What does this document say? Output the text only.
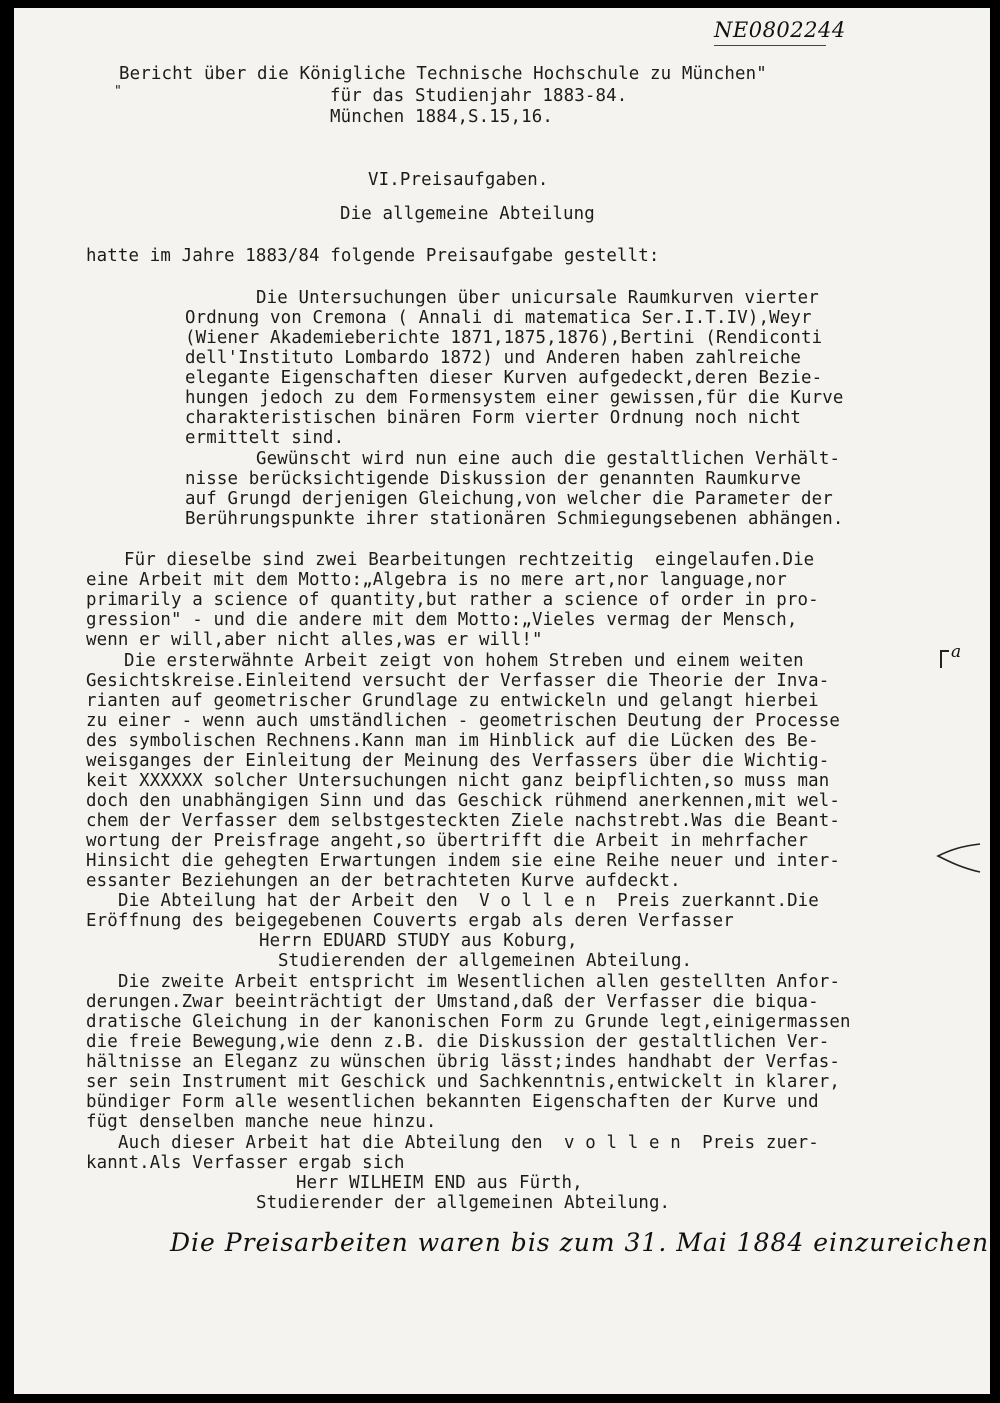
NE0802244
Bericht über die Königliche Technische Hochschule zu München"
"	für das Studienjahr 1883-84.
München 1884,S.15,16.
VI.Preisaufgaben.
Die allgemeine Abteilung
hatte im Jahre 1883/84 folgende Preisaufgabe gestellt:
Die Untersuchungen über unicursale Raumkurven vierter
Ordnung von Cremona ( Annali di matematica Ser.I.T.IV),Weyr
(Wiener Akademieberichte 1871,1875,1876),Bertini (Rendiconti
dell'Instituto Lombardo 1872) und Anderen haben zahlreiche
elegante Eigenschaften dieser Kurven aufgedeckt,deren Bezie-
hungen jedoch zu dem Formensystem einer gewissen,für die Kurve
charakteristischen binären Form vierter Ordnung noch nicht
ermittelt sind.
Gewünscht wird nun eine auch die gestaltlichen Verhält-
nisse berücksichtigende Diskussion der genannten Raumkurve
auf Grungd derjenigen Gleichung,von welcher die Parameter der
Berührungspunkte ihrer stationären Schmiegungsebenen abhängen.
Für dieselbe sind zwei Bearbeitungen rechtzeitig  eingelaufen.Die
eine Arbeit mit dem Motto:„Algebra is no mere art,nor language,nor
primarily a science of quantity,but rather a science of order in pro-
gression" - und die andere mit dem Motto:„Vieles vermag der Mensch,
wenn er will,aber nicht alles,was er will!"
Die ersterwähnte Arbeit zeigt von hohem Streben und einem weiten
Gesichtskreise.Einleitend versucht der Verfasser die Theorie der Inva-
rianten auf geometrischer Grundlage zu entwickeln und gelangt hierbei
zu einer - wenn auch umständlichen - geometrischen Deutung der Processe
des symbolischen Rechnens.Kann man im Hinblick auf die Lücken des Be-
weisganges der Einleitung der Meinung des Verfassers über die Wichtig-
keit XXXXXX solcher Untersuchungen nicht ganz beipflichten,so muss man
doch den unabhängigen Sinn und das Geschick rühmend anerkennen,mit wel-
chem der Verfasser dem selbstgesteckten Ziele nachstrebt.Was die Beant-
wortung der Preisfrage angeht,so übertrifft die Arbeit in mehrfacher
Hinsicht die gehegten Erwartungen indem sie eine Reihe neuer und inter-
essanter Beziehungen an der betrachteten Kurve aufdeckt.
Die Abteilung hat der Arbeit den  V o l l e n  Preis zuerkannt.Die
Eröffnung des beigegebenen Couverts ergab als deren Verfasser
Herrn EDUARD STUDY aus Koburg,
Studierenden der allgemeinen Abteilung.
Die zweite Arbeit entspricht im Wesentlichen allen gestellten Anfor-
derungen.Zwar beeinträchtigt der Umstand,daß der Verfasser die biqua-
dratische Gleichung in der kanonischen Form zu Grunde legt,einigermassen
die freie Bewegung,wie denn z.B. die Diskussion der gestaltlichen Ver-
hältnisse an Eleganz zu wünschen übrig lässt;indes handhabt der Verfas-
ser sein Instrument mit Geschick und Sachkenntnis,entwickelt in klarer,
bündiger Form alle wesentlichen bekannten Eigenschaften der Kurve und
fügt denselben manche neue hinzu.
Auch dieser Arbeit hat die Abteilung den  v o l l e n  Preis zuer-
kannt.Als Verfasser ergab sich
Herr WILHEIM END aus Fürth,
Studierender der allgemeinen Abteilung.
a
Die Preisarbeiten waren bis zum 31. Mai 1884 einzureichen
